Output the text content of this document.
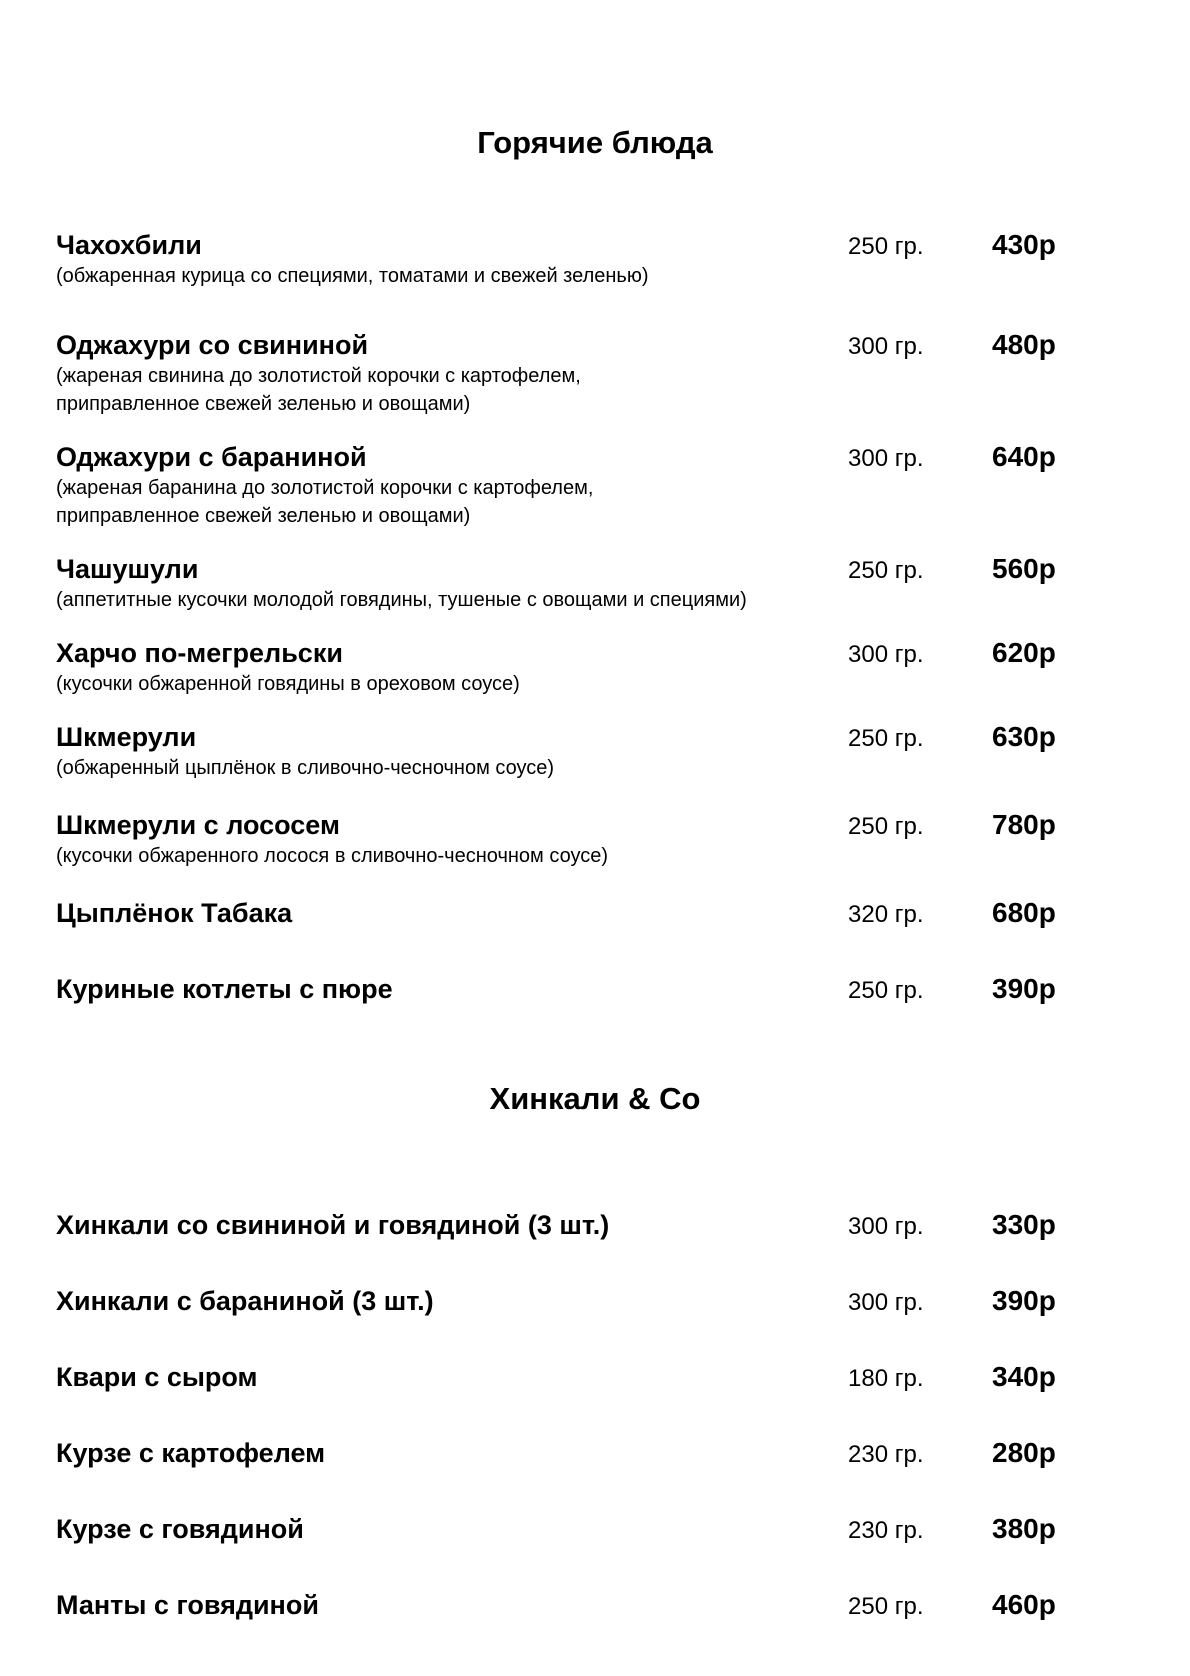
Горячие блюда
Чахохбили
(обжаренная курица со специями, томатами и свежей зеленью)
250 гр. 430р
Оджахури со свининой
(жареная свинина до золотистой корочки с картофелем,
приправленное свежей зеленью и овощами)
300 гр. 480р
Оджахури с бараниной
(жареная баранина до золотистой корочки с картофелем,
приправленное свежей зеленью и овощами)
300 гр. 640р
Чашушули
(аппетитные кусочки молодой говядины, тушеные с овощами и специями)
250 гр. 560р
Харчо по-мегрельски
(кусочки обжаренной говядины в ореховом соусе)
300 гр. 620р
Шкмерули
(обжаренный цыплёнок в сливочно-чесночном соусе)
250 гр. 630р
Шкмерули с лососем
(кусочки обжаренного лосося в сливочно-чесночном соусе)
250 гр. 780р
Цыплёнок Табака	320 гр. 680р
Куриные котлеты с пюре	250 гр. 390р
Хинкали & Co
Хинкали со свининой и говядиной (3 шт.)	300 гр. 330р
Хинкали с бараниной (3 шт.)	300 гр. 390р
Квари с сыром	180 гр. 340р
Курзе с картофелем	230 гр. 280р
Курзе с говядиной	230 гр. 380р
Манты с говядиной	250 гр. 460р
